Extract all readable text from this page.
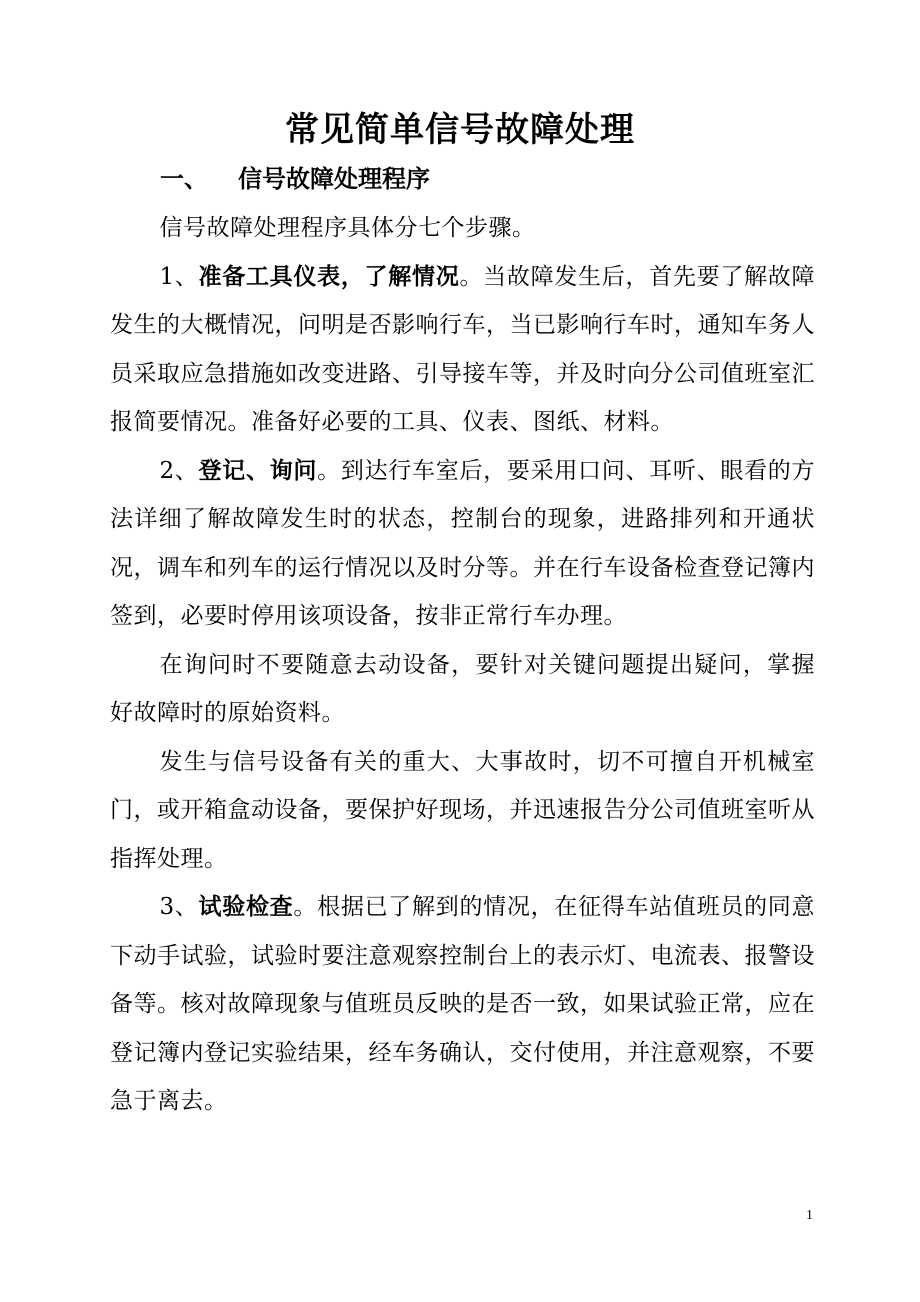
常见简单信号故障处理
一、 信号故障处理程序

信号故障处理程序具体分七个步骤。

1、准备工具仪表，了解情况。当故障发生后，首先要了解故障发生的大概情况，问明是否影响行车，当已影响行车时，通知车务人员采取应急措施如改变进路、引导接车等，并及时向分公司值班室汇报简要情况。准备好必要的工具、仪表、图纸、材料。

2、登记、询问。到达行车室后，要采用口问、耳听、眼看的方法详细了解故障发生时的状态，控制台的现象，进路排列和开通状况，调车和列车的运行情况以及时分等。并在行车设备检查登记簿内签到，必要时停用该项设备，按非正常行车办理。

在询问时不要随意去动设备，要针对关键问题提出疑问，掌握好故障时的原始资料。

发生与信号设备有关的重大、大事故时，切不可擅自开机械室门，或开箱盒动设备，要保护好现场，并迅速报告分公司值班室听从指挥处理。

3、试验检查。根据已了解到的情况，在征得车站值班员的同意下动手试验，试验时要注意观察控制台上的表示灯、电流表、报警设备等。核对故障现象与值班员反映的是否一致，如果试验正常，应在登记簿内登记实验结果，经车务确认，交付使用，并注意观察，不要急于离去。

1
